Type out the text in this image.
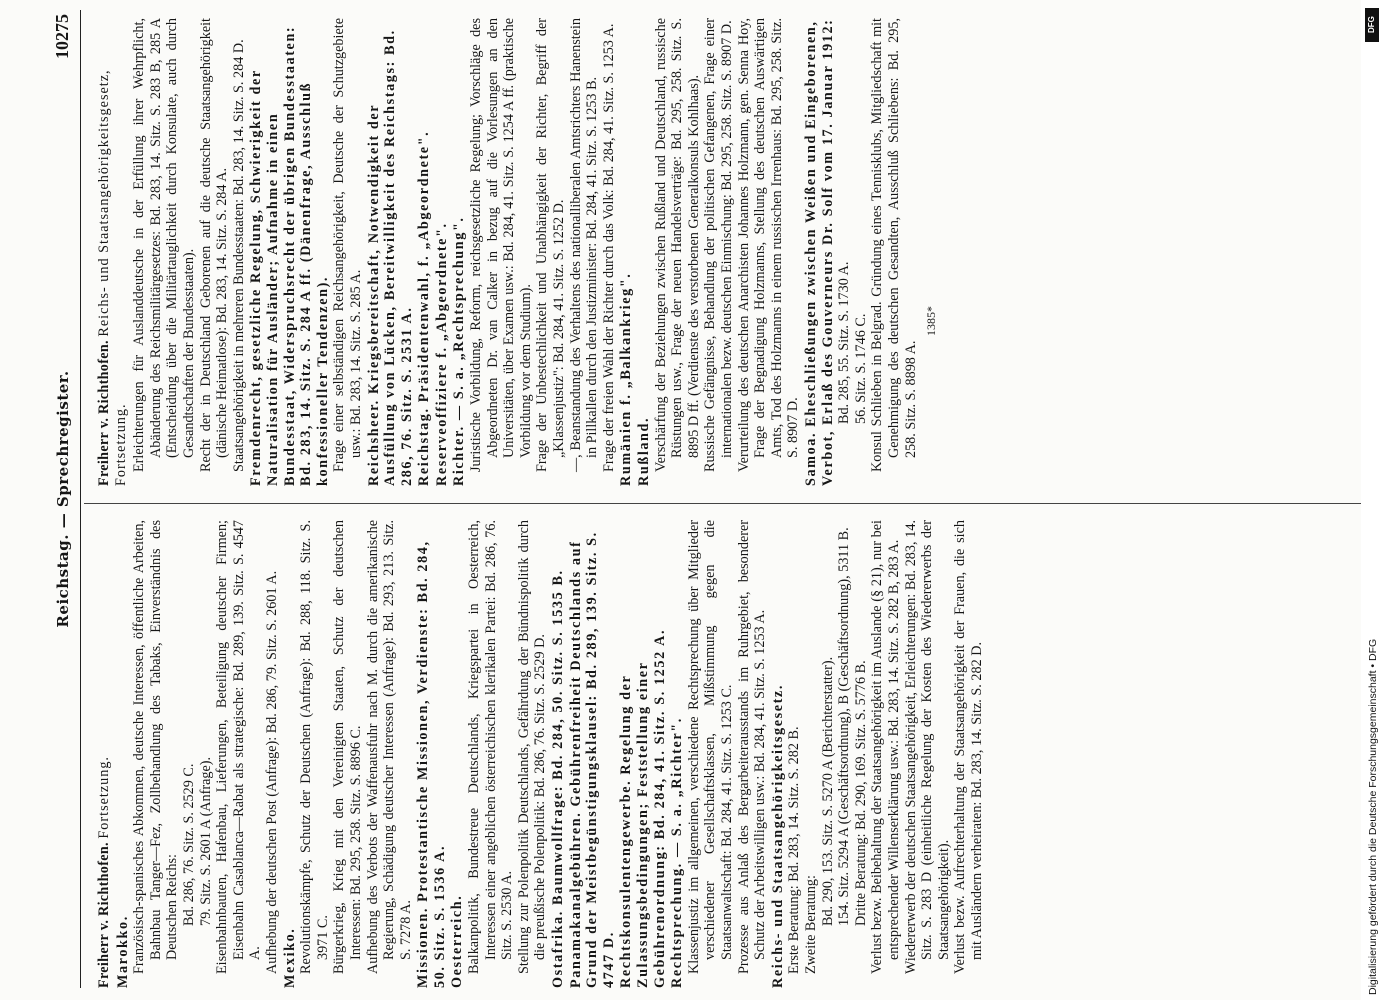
Reichstag. — Sprechregister.
10275

Freiherr v. Richthofen. Fortsetzung.

Marokko. Französisch-spanisches Abkommen, deutsche Interessen, öffentliche Arbeiten, Bahnbau Tanger—Fez, Zollbehandlung des Tabaks, Einverständnis des Deutschen Reichs: Bd. 286, 76. Sitz. S. 2529 C. 79. Sitz. S. 2601 A (Anfrage). Eisenbahnbauten, Hafenbau, Lieferungen, Beteiligung deutscher Firmen; Eisenbahn Casablanca—Rabat als strategische: Bd. 289, 139. Sitz. S. 4547 A. Aufhebung der deutschen Post (Anfrage): Bd. 286, 79. Sitz. S. 2601 A. Mexiko. Revolutionskämpfe, Schutz der Deutschen (Anfrage): Bd. 288, 118. Sitz. S. 3971 C. Bürgerkrieg, Krieg mit den Vereinigten Staaten, Schutz der deutschen Interessen: Bd. 295, 258. Sitz. S. 8896 C. Aufhebung des Verbots der Waffenausfuhr nach M. durch die amerikanische Regierung, Schädigung deutscher Interessen (Anfrage): Bd. 293, 213. Sitz. S. 7278 A. Missionen. Protestantische Missionen, Verdienste: Bd. 284, 50. Sitz. S. 1536 A. Oesterreich. Balkanpolitik, Bundestreue Deutschlands, Kriegspartei in Oesterreich, Interessen einer angeblichen österreichischen klerikalen Partei: Bd. 286, 76. Sitz. S. 2530 A. Stellung zur Polenpolitik Deutschlands, Gefährdung der Bündnispolitik durch die preußische Polenpolitik: Bd. 286, 76. Sitz. S. 2529 D. Ostafrika. Baumwollfrage: Bd. 284, 50. Sitz. S. 1535 B. Panamakanalgebühren. Gebührenfreiheit Deutschlands auf Grund der Meistbegünstigungsklausel: Bd. 289, 139. Sitz. S. 4747 D. Rechtskonsulentengewerbe. Regelung der Zulassungsbedingungen; Feststellung einer Gebührenordnung: Bd. 284, 41. Sitz. S. 1252 A. Rechtsprechung. — S. a. „Richter". Klassenjustiz im allgemeinen, verschiedene Rechtsprechung über Mitglieder verschiedener Gesellschaftsklassen, Mißstimmung gegen die Staatsanwaltschaft: Bd. 284, 41. Sitz. S. 1253 C. Prozesse aus Anlaß des Bergarbeiterausstands im Ruhrgebiet, besonderer Schutz der Arbeitswilligen usw.: Bd. 284, 41. Sitz. S. 1253 A. Reichs- und Staatsangehörigkeitsgesetz. Erste Beratung: Bd. 283, 14. Sitz. S. 282 B. Zweite Beratung: Bd. 290, 153. Sitz. S. 5270 A (Berichterstatter). 154. Sitz. 5294 A (Geschäftsordnung), B (Geschäftsordnung), 5311 B. Dritte Beratung: Bd. 290, 169. Sitz. S. 5776 B. Verlust bezw. Beibehaltung der Staatsangehörigkeit im Auslande (§ 21), nur bei entsprechender Willenserklärung usw.: Bd. 283, 14. Sitz. S. 282 B, 283 A. Wiedererwerb der deutschen Staatsangehörigkeit, Erleichterungen: Bd. 283, 14. Sitz. S. 283 D (einheitliche Regelung der Kosten des Wiedererwerbs der Staatsangehörigkeit). Verlust bezw. Aufrechterhaltung der Staatsangehörigkeit der Frauen, die sich mit Ausländern verheiraten: Bd. 283, 14. Sitz. S. 282 D.

Freiherr v. Richthofen. Reichs- und Staatsangehörigkeitsgesetz, Fortsetzung. Erleichterungen für Auslanddeutsche in der Erfüllung ihrer Wehrpflicht, Abänderung des Reichsmilitärgesetzes: Bd. 283, 14. Sitz. S. 283 B, 285 A (Entscheidung über die Militärtauglichkeit durch Konsulate, auch durch Gesandtschaften der Bundesstaaten). Recht der in Deutschland Geborenen auf die deutsche Staatsangehörigkeit (dänische Heimatlose): Bd. 283, 14. Sitz. S. 284 A. Staatsangehörigkeit in mehreren Bundesstaaten: Bd. 283, 14. Sitz. S. 284 D. Fremdenrecht, gesetzliche Regelung, Schwierigkeit der Naturalisation für Ausländer; Aufnahme in einen Bundesstaat, Widerspruchsrecht der übrigen Bundesstaaten: Bd. 283, 14. Sitz. S. 284 A ff. (Dänenfrage, Ausschluß konfessioneller Tendenzen). Frage einer selbständigen Reichsangehörigkeit, Deutsche der Schutzgebiete usw.: Bd. 283, 14. Sitz. S. 285 A. Reichsheer. Kriegsbereitschaft, Notwendigkeit der Ausfüllung von Lücken, Bereitwilligkeit des Reichstags: Bd. 286, 76. Sitz. S. 2531 A. Reichstag. Präsidentenwahl, f. „Abgeordnete". Reserveoffiziere f. „Abgeordnete". Richter. — S. a. „Rechtsprechung". Juristische Vorbildung, Reform, reichsgesetzliche Regelung; Vorschläge des Abgeordneten Dr. van Calker in bezug auf die Vorlesungen an den Universitäten, über Examen usw.: Bd. 284, 41. Sitz. S. 1254 A ff. (praktische Vorbildung vor dem Studium). Frage der Unbestechlichkeit und Unabhängigkeit der Richter, Begriff der „Klassenjustiz": Bd. 284, 41. Sitz. S. 1252 D. —, Beanstandung des Verhaltens des nationalliberalen Amtsrichters Hanenstein in Pillkallen durch den Justizminister: Bd. 284, 41. Sitz. S. 1253 B. Frage der freien Wahl der Richter durch das Volk: Bd. 284, 41. Sitz. S. 1253 A. Rumänien f. „Balkankrieg". Rußland. Verschärfung der Beziehungen zwischen Rußland und Deutschland, russische Rüstungen usw., Frage der neuen Handelsverträge: Bd. 295, 258. Sitz. S. 8895 D ff. (Verdienste des verstorbenen Generalkonsuls Kohlhaas). Russische Gefängnisse, Behandlung der politischen Gefangenen, Frage einer internationalen bezw. deutschen Einmischung: Bd. 295, 258. Sitz. S. 8907 D. Verurteilung des deutschen Anarchisten Johannes Holzmann, gen. Senna Hoy, Frage der Begnadigung Holzmanns, Stellung des deutschen Auswärtigen Amts, Tod des Holzmanns in einem russischen Irrenhaus: Bd. 295, 258. Sitz. S. 8907 D. Samoa. Eheschließungen zwischen Weißen und Eingeborenen, Verbot, Erlaß des Gouverneurs Dr. Solf vom 17. Januar 1912: Bd. 285, 55. Sitz. S. 1730 A. 56. Sitz. S. 1746 C. Konsul Schlieben in Belgrad. Gründung eines Tennisklubs, Mitgliedschaft mit Genehmigung des deutschen Gesandten, Ausschluß Schliebens: Bd. 295, 258. Sitz. S. 8898 A.

1385*

DFG
Digitalisierung gefördert durch die Deutsche Forschungsgemeinschaft • DFG
